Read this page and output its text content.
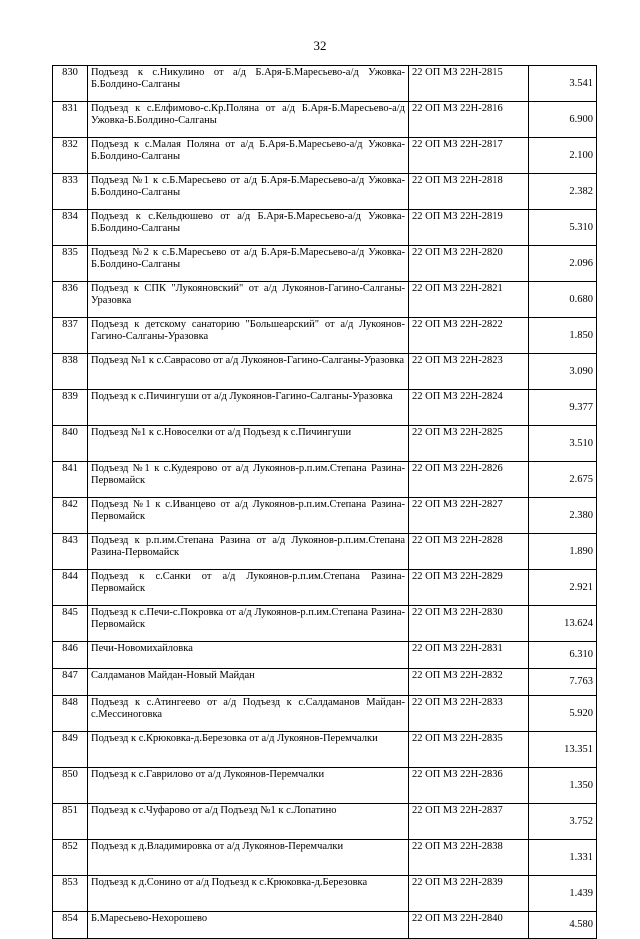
32
830	Подъезд к с.Никулино от а/д Б.Аря-Б.Маресьево-а/д Ужовка-Б.Болдино-Салганы	22 ОП МЗ 22Н-2815	3.541
831	Подъезд к с.Елфимово-с.Кр.Поляна от а/д Б.Аря-Б.Маресьево-а/д Ужовка-Б.Болдино-Салганы	22 ОП МЗ 22Н-2816	6.900
832	Подъезд к с.Малая Поляна от а/д Б.Аря-Б.Маресьево-а/д Ужовка-Б.Болдино-Салганы	22 ОП МЗ 22Н-2817	2.100
833	Подъезд №1 к с.Б.Маресьево от а/д Б.Аря-Б.Маресьево-а/д Ужовка-Б.Болдино-Салганы	22 ОП МЗ 22Н-2818	2.382
834	Подъезд к с.Кельдюшево от а/д Б.Аря-Б.Маресьево-а/д Ужовка-Б.Болдино-Салганы	22 ОП МЗ 22Н-2819	5.310
835	Подъезд №2 к с.Б.Маресьево от а/д Б.Аря-Б.Маресьево-а/д Ужовка-Б.Болдино-Салганы	22 ОП МЗ 22Н-2820	2.096
836	Подъезд к СПК "Лукояновский" от а/д Лукоянов-Гагино-Салганы-Уразовка	22 ОП МЗ 22Н-2821	0.680
837	Подъезд к детскому санаторию "Большеарский" от а/д Лукоянов-Гагино-Салганы-Уразовка	22 ОП МЗ 22Н-2822	1.850
838	Подъезд №1 к с.Саврасово от а/д Лукоянов-Гагино-Салганы-Уразовка	22 ОП МЗ 22Н-2823	3.090
839	Подъезд к с.Пичингуши от а/д Лукоянов-Гагино-Салганы-Уразовка	22 ОП МЗ 22Н-2824	9.377
840	Подъезд №1 к с.Новоселки от а/д Подъезд к с.Пичингуши	22 ОП МЗ 22Н-2825	3.510
841	Подъезд №1 к с.Кудеярово от а/д Лукоянов-р.п.им.Степана Разина-Первомайск	22 ОП МЗ 22Н-2826	2.675
842	Подъезд №1 к с.Иванцево от а/д Лукоянов-р.п.им.Степана Разина-Первомайск	22 ОП МЗ 22Н-2827	2.380
843	Подъезд к р.п.им.Степана Разина от а/д Лукоянов-р.п.им.Степана Разина-Первомайск	22 ОП МЗ 22Н-2828	1.890
844	Подъезд к с.Санки от а/д Лукоянов-р.п.им.Степана Разина-Первомайск	22 ОП МЗ 22Н-2829	2.921
845	Подъезд к с.Печи-с.Покровка от а/д Лукоянов-р.п.им.Степана Разина-Первомайск	22 ОП МЗ 22Н-2830	13.624
846	Печи-Новомихайловка	22 ОП МЗ 22Н-2831	6.310
847	Салдаманов Майдан-Новый Майдан	22 ОП МЗ 22Н-2832	7.763
848	Подъезд к с.Атингеево от а/д Подъезд к с.Салдаманов Майдан-с.Мессиноговка	22 ОП МЗ 22Н-2833	5.920
849	Подъезд к с.Крюковка-д.Березовка от а/д Лукоянов-Перемчалки	22 ОП МЗ 22Н-2835	13.351
850	Подъезд к с.Гаврилово от а/д Лукоянов-Перемчалки	22 ОП МЗ 22Н-2836	1.350
851	Подъезд к с.Чуфарово от а/д Подъезд №1 к с.Лопатино	22 ОП МЗ 22Н-2837	3.752
852	Подъезд к д.Владимировка от а/д Лукоянов-Перемчалки	22 ОП МЗ 22Н-2838	1.331
853	Подъезд к д.Сонино от а/д Подъезд к с.Крюковка-д.Березовка	22 ОП МЗ 22Н-2839	1.439
854	Б.Маресьево-Нехорошево	22 ОП МЗ 22Н-2840	4.580
